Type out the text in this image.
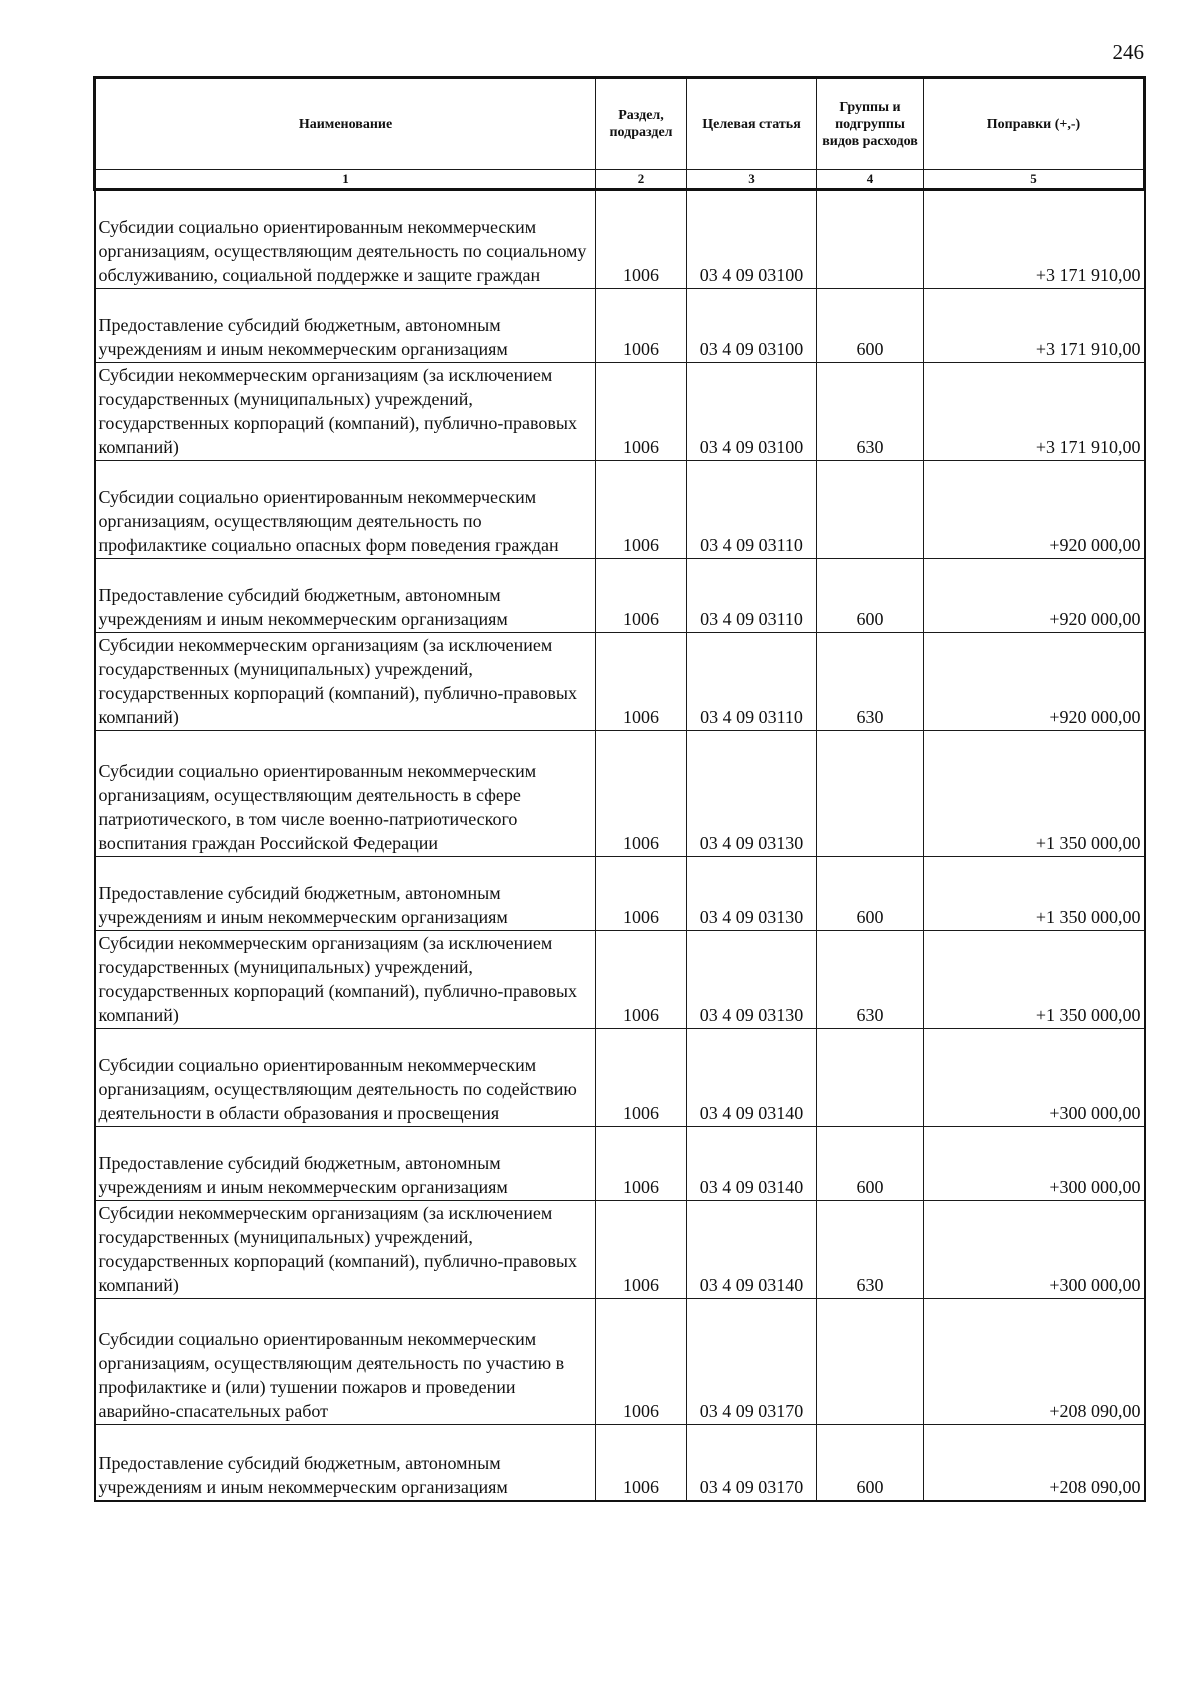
246
Наименование	Раздел, подраздел	Целевая статья	Группы и подгруппы видов расходов	Поправки (+,-)
1	2	3	4	5
Субсидии социально ориентированным некоммерческим организациям, осуществляющим деятельность по социальному обслуживанию, социальной поддержке и защите граждан	1006	03 4 09 03100		+3 171 910,00
Предоставление субсидий бюджетным, автономным учреждениям и иным некоммерческим организациям	1006	03 4 09 03100	600	+3 171 910,00
Субсидии некоммерческим организациям (за исключением государственных (муниципальных) учреждений, государственных корпораций (компаний), публично-правовых компаний)	1006	03 4 09 03100	630	+3 171 910,00
Субсидии социально ориентированным некоммерческим организациям, осуществляющим деятельность по профилактике социально опасных форм поведения граждан	1006	03 4 09 03110		+920 000,00
Предоставление субсидий бюджетным, автономным учреждениям и иным некоммерческим организациям	1006	03 4 09 03110	600	+920 000,00
Субсидии некоммерческим организациям (за исключением государственных (муниципальных) учреждений, государственных корпораций (компаний), публично-правовых компаний)	1006	03 4 09 03110	630	+920 000,00
Субсидии социально ориентированным некоммерческим организациям, осуществляющим деятельность в сфере патриотического, в том числе военно-патриотического воспитания граждан Российской Федерации	1006	03 4 09 03130		+1 350 000,00
Предоставление субсидий бюджетным, автономным учреждениям и иным некоммерческим организациям	1006	03 4 09 03130	600	+1 350 000,00
Субсидии некоммерческим организациям (за исключением государственных (муниципальных) учреждений, государственных корпораций (компаний), публично-правовых компаний)	1006	03 4 09 03130	630	+1 350 000,00
Субсидии социально ориентированным некоммерческим организациям, осуществляющим деятельность по содействию деятельности в области образования и просвещения	1006	03 4 09 03140		+300 000,00
Предоставление субсидий бюджетным, автономным учреждениям и иным некоммерческим организациям	1006	03 4 09 03140	600	+300 000,00
Субсидии некоммерческим организациям (за исключением государственных (муниципальных) учреждений, государственных корпораций (компаний), публично-правовых компаний)	1006	03 4 09 03140	630	+300 000,00
Субсидии социально ориентированным некоммерческим организациям, осуществляющим деятельность по участию в профилактике и (или) тушении пожаров и проведении аварийно-спасательных работ	1006	03 4 09 03170		+208 090,00
Предоставление субсидий бюджетным, автономным учреждениям и иным некоммерческим организациям	1006	03 4 09 03170	600	+208 090,00
